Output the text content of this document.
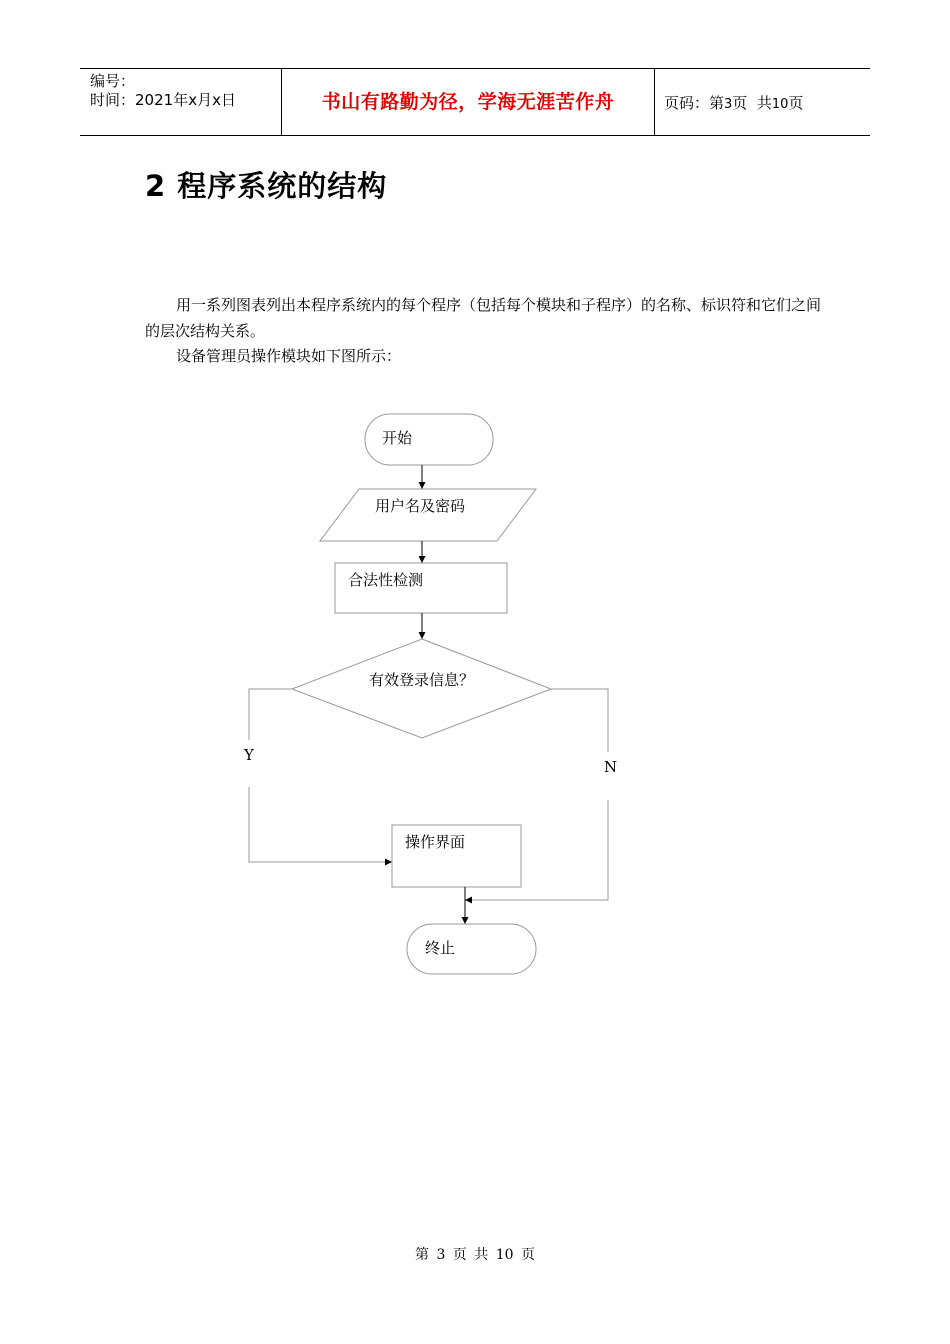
编号：
时间：2021年x月x日	书山有路勤为径，学海无涯苦作舟	页码：第3页 共10页
2 程序系统的结构

用一系列图表列出本程序系统内的每个程序（包括每个模块和子程序）的名称、标识符和它们之间 的层次结构关系。

设备管理员操作模块如下图所示：

开始
用户名及密码
合法性检测
有效登录信息？
Y
N
操作界面
终止
第 3 页 共 10 页
